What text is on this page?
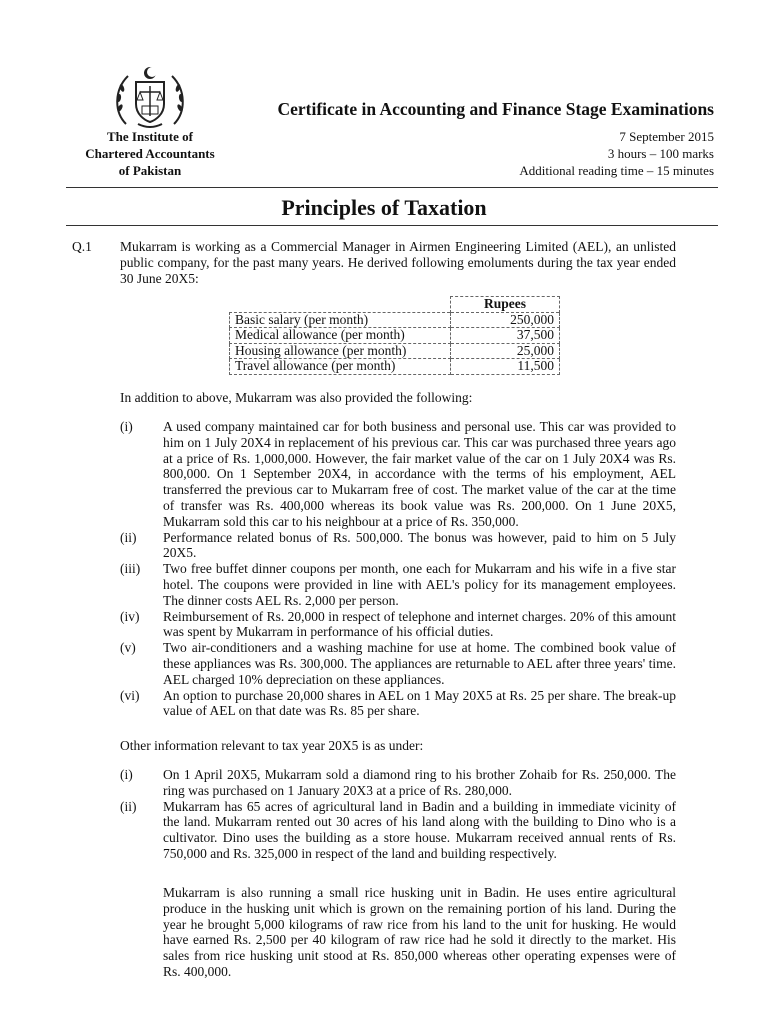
The Institute of
Chartered Accountants
of Pakistan
Certificate in Accounting and Finance Stage Examinations
7 September 2015
3 hours – 100 marks
Additional reading time – 15 minutes
Principles of Taxation
Q.1 Mukarram is working as a Commercial Manager in Airmen Engineering Limited (AEL), an unlisted public company, for the past many years. He derived following emoluments during the tax year ended 30 June 20X5:
	Rupees
Basic salary (per month)	250,000
Medical allowance (per month)	37,500
Housing allowance (per month)	25,000
Travel allowance (per month)	11,500
In addition to above, Mukarram was also provided the following:
(i)	A used company maintained car for both business and personal use. This car was provided to him on 1 July 20X4 in replacement of his previous car. This car was purchased three years ago at a price of Rs. 1,000,000. However, the fair market value of the car on 1 July 20X4 was Rs. 800,000. On 1 September 20X4, in accordance with the terms of his employment, AEL transferred the previous car to Mukarram free of cost. The market value of the car at the time of transfer was Rs. 400,000 whereas its book value was Rs. 200,000. On 1 June 20X5, Mukarram sold this car to his neighbour at a price of Rs. 350,000.
(ii)	Performance related bonus of Rs. 500,000. The bonus was however, paid to him on 5 July 20X5.
(iii)	Two free buffet dinner coupons per month, one each for Mukarram and his wife in a five star hotel. The coupons were provided in line with AEL's policy for its management employees. The dinner costs AEL Rs. 2,000 per person.
(iv)	Reimbursement of Rs. 20,000 in respect of telephone and internet charges. 20% of this amount was spent by Mukarram in performance of his official duties.
(v)	Two air-conditioners and a washing machine for use at home. The combined book value of these appliances was Rs. 300,000. The appliances are returnable to AEL after three years' time. AEL charged 10% depreciation on these appliances.
(vi)	An option to purchase 20,000 shares in AEL on 1 May 20X5 at Rs. 25 per share. The break-up value of AEL on that date was Rs. 85 per share.
Other information relevant to tax year 20X5 is as under:
(i)	On 1 April 20X5, Mukarram sold a diamond ring to his brother Zohaib for Rs. 250,000. The ring was purchased on 1 January 20X3 at a price of Rs. 280,000.
(ii)	Mukarram has 65 acres of agricultural land in Badin and a building in immediate vicinity of the land. Mukarram rented out 30 acres of his land along with the building to Dino who is a cultivator. Dino uses the building as a store house. Mukarram received annual rents of Rs. 750,000 and Rs. 325,000 in respect of the land and building respectively.
Mukarram is also running a small rice husking unit in Badin. He uses entire agricultural produce in the husking unit which is grown on the remaining portion of his land. During the year he brought 5,000 kilograms of raw rice from his land to the unit for husking. He would have earned Rs. 2,500 per 40 kilogram of raw rice had he sold it directly to the market. His sales from rice husking unit stood at Rs. 850,000 whereas other operating expenses were of Rs. 400,000.
